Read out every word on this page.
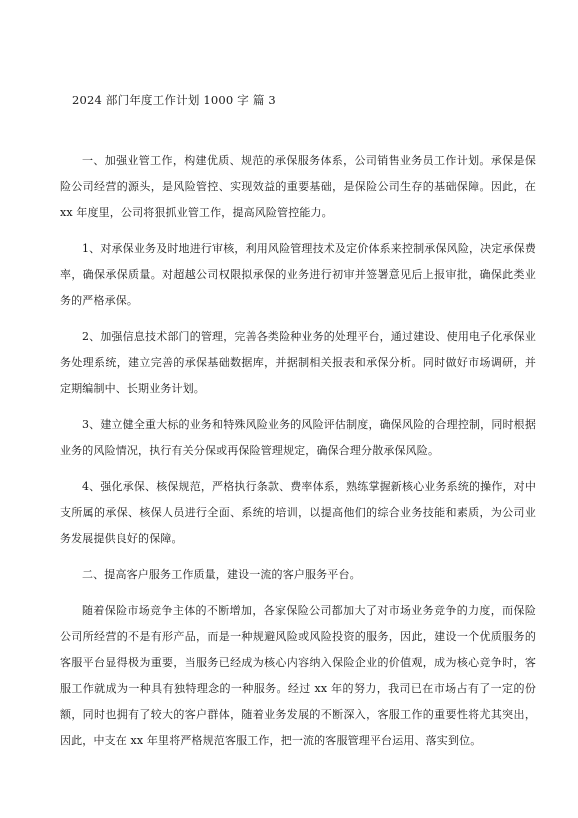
2024 部门年度工作计划 1000 字 篇 3

一、加强业管工作，构建优质、规范的承保服务体系，公司销售业务员工作计划。承保是保险公司经营的源头，是风险管控、实现效益的重要基础，是保险公司生存的基础保障。因此，在 xx 年度里，公司将狠抓业管工作，提高风险管控能力。

1、对承保业务及时地进行审核，利用风险管理技术及定价体系来控制承保风险，决定承保费率，确保承保质量。对超越公司权限拟承保的业务进行初审并签署意见后上报审批，确保此类业务的严格承保。

2、加强信息技术部门的管理，完善各类险种业务的处理平台，通过建设、使用电子化承保业务处理系统，建立完善的承保基础数据库，并据制相关报表和承保分析。同时做好市场调研，并定期编制中、长期业务计划。

3、建立健全重大标的业务和特殊风险业务的风险评估制度，确保风险的合理控制，同时根据业务的风险情况，执行有关分保或再保险管理规定，确保合理分散承保风险。

4、强化承保、核保规范，严格执行条款、费率体系，熟练掌握新核心业务系统的操作，对中支所属的承保、核保人员进行全面、系统的培训，以提高他们的综合业务技能和素质，为公司业务发展提供良好的保障。

二、提高客户服务工作质量，建设一流的客户服务平台。

随着保险市场竞争主体的不断增加，各家保险公司都加大了对市场业务竞争的力度，而保险公司所经营的不是有形产品，而是一种规避风险或风险投资的服务，因此，建设一个优质服务的客服平台显得极为重要，当服务已经成为核心内容纳入保险企业的价值观，成为核心竞争时，客服工作就成为一种具有独特理念的一种服务。经过 xx 年的努力，我司已在市场占有了一定的份额，同时也拥有了较大的客户群体，随着业务发展的不断深入，客服工作的重要性将尤其突出，因此，中支在 xx 年里将严格规范客服工作，把一流的客服管理平台运用、落实到位。
